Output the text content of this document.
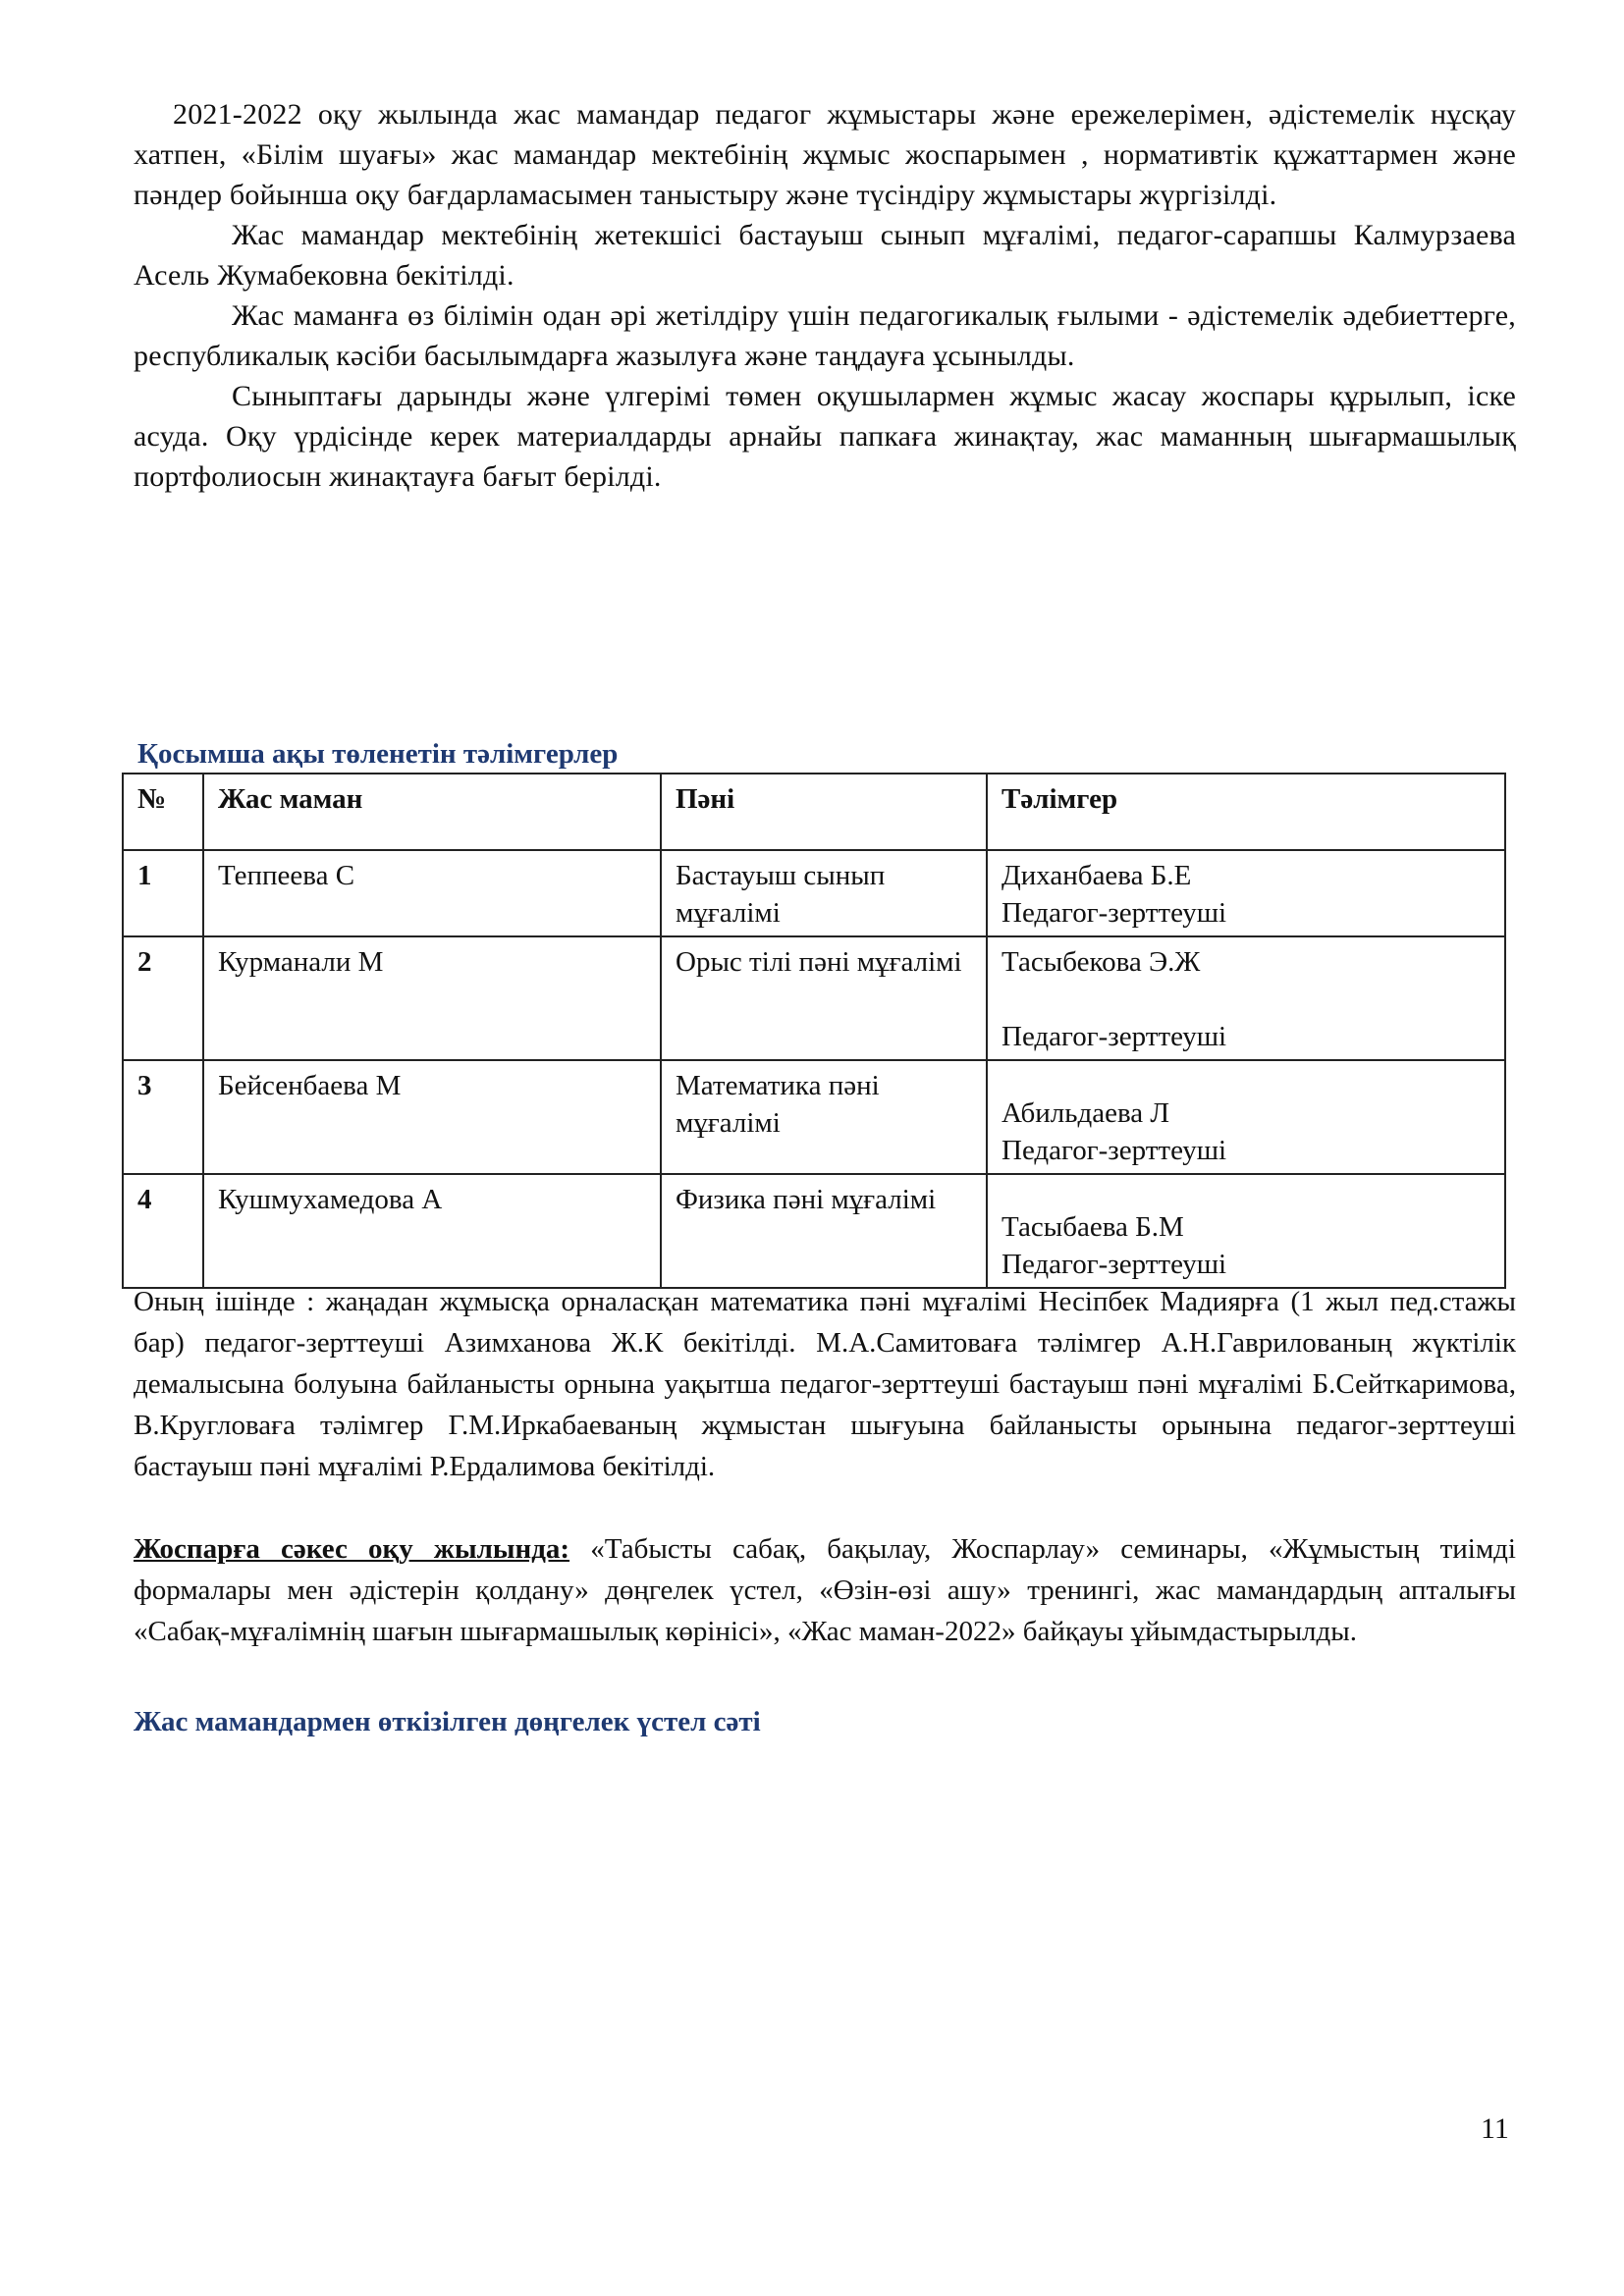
2021-2022 оқу жылында жас мамандар педагог жұмыстары және ережелерімен, әдістемелік нұсқау хатпен, «Білім шуағы» жас мамандар мектебінің жұмыс жоспарымен , нормативтік құжаттармен және пәндер бойынша оқу бағдарламасымен таныстыру және түсіндіру жұмыстары жүргізілді.

Жас мамандар мектебінің жетекшісі бастауыш сынып мұғалімі, педагог-сарапшы Калмурзаева Асель Жумабековна бекітілді.

Жас маманға өз білімін одан әрі жетілдіру үшін педагогикалық ғылыми - әдістемелік әдебиеттерге, республикалық кәсіби басылымдарға жазылуға және таңдауға ұсынылды.

Сыныптағы дарынды және үлгерімі төмен оқушылармен жұмыс жасау жоспары құрылып, іске асуда. Оқу үрдісінде керек материалдарды арнайы папкаға жинақтау, жас маманның шығармашылық портфолиосын жинақтауға бағыт берілді.

Қосымша ақы төленетін тәлімгерлер

№	Жас маман	Пәні	Тәлімгер
1	Теппеева С	Бастауыш сынып мұғалімі	Диханбаева Б.Е
Педагог-зерттеуші

2	Курманали М	Орыс тілі пәні мұғалімі	Тасыбекова Э.Ж
Педагог-зерттеуші

3	Бейсенбаева М	Математика пәні мұғалімі	Абильдаева Л
Педагог-зерттеуші

4	Кушмухамедова А	Физика пәні мұғалімі	Тасыбаева Б.М
Педагог-зерттеуші

Оның ішінде : жаңадан жұмысқа орналасқан математика пәні мұғалімі Несіпбек Мадиярға (1 жыл пед.стажы бар) педагог-зерттеуші Азимханова Ж.К бекітілді. М.А.Самитоваға тәлімгер А.Н.Гавриловaның жүктілік демалысына болуына байланысты орнына уақытша педагог-зерттеуші бастауыш пәні мұғалімі Б.Сейткаримова, В.Кругловаға тәлімгер Г.М.Иркабаеваның жұмыстан шығуына байланысты орынына педагог-зерттеуші бастауыш пәні мұғалімі Р.Ердалимова бекітілді.

Жоспарға сәкес оқу жылында: «Табысты сабақ, бақылау, Жоспарлау» семинары, «Жұмыстың тиімді формалары мен әдістерін қолдану» дөңгелек үстел, «Өзін-өзі ашу» тренингі, жас мамандардың апталығы «Сабақ-мұғалімнің шағын шығармашылық көрінісі», «Жас маман-2022» байқауы ұйымдастырылды.

Жас мамандармен өткізілген дөңгелек үстел сәті

11
